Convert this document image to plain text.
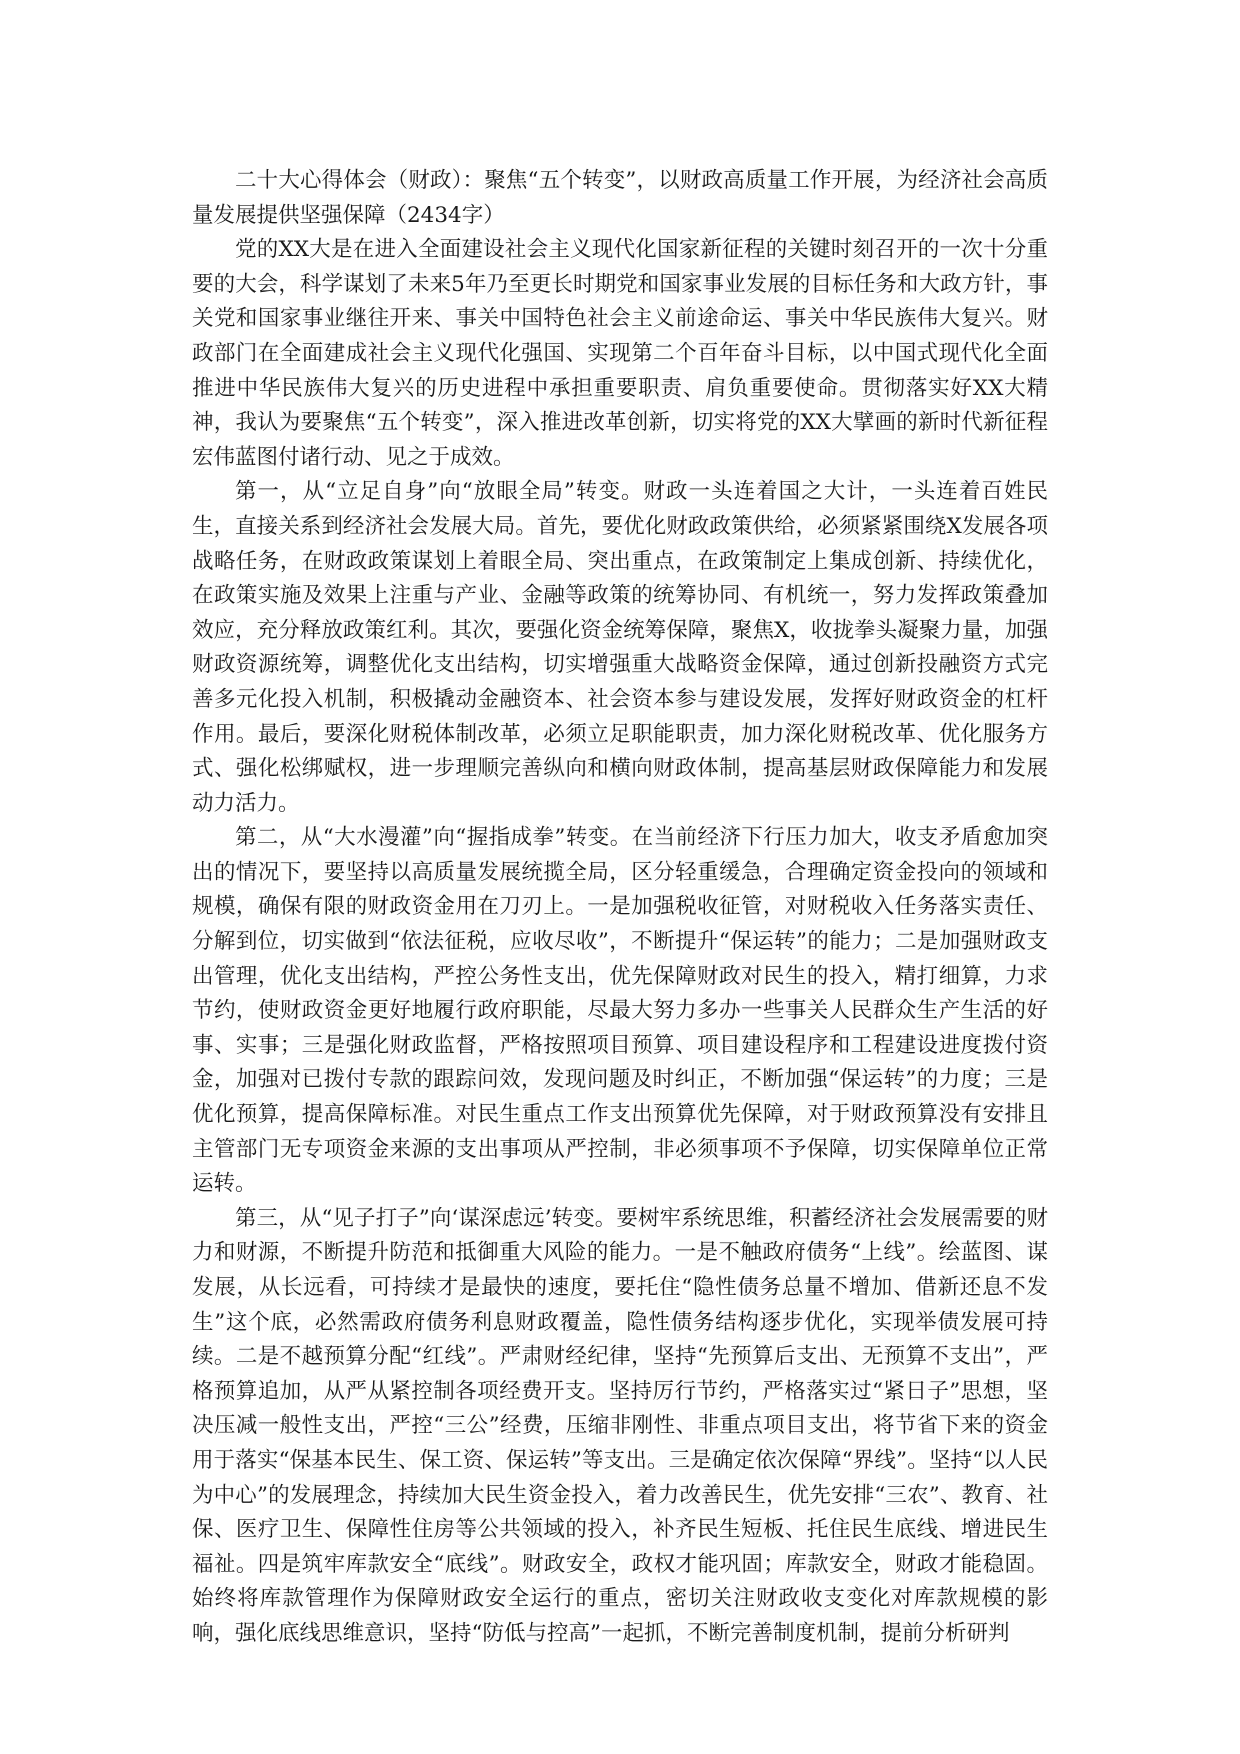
二十大心得体会（财政）：聚焦“五个转变”，以财政高质量工作开展，为经济社会高质量发展提供坚强保障（2434字）

党的XX大是在进入全面建设社会主义现代化国家新征程的关键时刻召开的一次十分重要的大会，科学谋划了未来5年乃至更长时期党和国家事业发展的目标任务和大政方针，事关党和国家事业继往开来、事关中国特色社会主义前途命运、事关中华民族伟大复兴。财政部门在全面建成社会主义现代化强国、实现第二个百年奋斗目标，以中国式现代化全面推进中华民族伟大复兴的历史进程中承担重要职责、肩负重要使命。贯彻落实好XX大精神，我认为要聚焦“五个转变”，深入推进改革创新，切实将党的XX大擘画的新时代新征程宏伟蓝图付诸行动、见之于成效。

第一，从“立足自身”向“放眼全局”转变。财政一头连着国之大计，一头连着百姓民生，直接关系到经济社会发展大局。首先，要优化财政政策供给，必须紧紧围绕X发展各项战略任务，在财政政策谋划上着眼全局、突出重点，在政策制定上集成创新、持续优化，在政策实施及效果上注重与产业、金融等政策的统筹协同、有机统一，努力发挥政策叠加效应，充分释放政策红利。其次，要强化资金统筹保障，聚焦X，收拢拳头凝聚力量，加强财政资源统筹，调整优化支出结构，切实增强重大战略资金保障，通过创新投融资方式完善多元化投入机制，积极撬动金融资本、社会资本参与建设发展，发挥好财政资金的杠杆作用。最后，要深化财税体制改革，必须立足职能职责，加力深化财税改革、优化服务方式、强化松绑赋权，进一步理顺完善纵向和横向财政体制，提高基层财政保障能力和发展动力活力。

第二，从“大水漫灌”向“握指成拳”转变。在当前经济下行压力加大，收支矛盾愈加突出的情况下，要坚持以高质量发展统揽全局，区分轻重缓急，合理确定资金投向的领域和规模，确保有限的财政资金用在刀刃上。一是加强税收征管，对财税收入任务落实责任、分解到位，切实做到“依法征税，应收尽收”，不断提升“保运转”的能力；二是加强财政支出管理，优化支出结构，严控公务性支出，优先保障财政对民生的投入，精打细算，力求节约，使财政资金更好地履行政府职能，尽最大努力多办一些事关人民群众生产生活的好事、实事；三是强化财政监督，严格按照项目预算、项目建设程序和工程建设进度拨付资金，加强对已拨付专款的跟踪问效，发现问题及时纠正，不断加强“保运转”的力度；三是优化预算，提高保障标准。对民生重点工作支出预算优先保障，对于财政预算没有安排且主管部门无专项资金来源的支出事项从严控制，非必须事项不予保障，切实保障单位正常运转。

第三，从“见子打子”向‘谋深虑远’转变。要树牢系统思维，积蓄经济社会发展需要的财力和财源，不断提升防范和抵御重大风险的能力。一是不触政府债务“上线”。绘蓝图、谋发展，从长远看，可持续才是最快的速度，要托住“隐性债务总量不增加、借新还息不发生”这个底，必然需政府债务利息财政覆盖，隐性债务结构逐步优化，实现举债发展可持续。二是不越预算分配“红线”。严肃财经纪律，坚持“先预算后支出、无预算不支出”，严格预算追加，从严从紧控制各项经费开支。坚持厉行节约，严格落实过“紧日子”思想，坚决压减一般性支出，严控“三公”经费，压缩非刚性、非重点项目支出，将节省下来的资金用于落实“保基本民生、保工资、保运转”等支出。三是确定依次保障“界线”。坚持“以人民为中心”的发展理念，持续加大民生资金投入，着力改善民生，优先安排“三农”、教育、社保、医疗卫生、保障性住房等公共领域的投入，补齐民生短板、托住民生底线、增进民生福祉。四是筑牢库款安全“底线”。财政安全，政权才能巩固；库款安全，财政才能稳固。始终将库款管理作为保障财政安全运行的重点，密切关注财政收支变化对库款规模的影响，强化底线思维意识，坚持“防低与控高”一起抓，不断完善制度机制，提前分析研判
